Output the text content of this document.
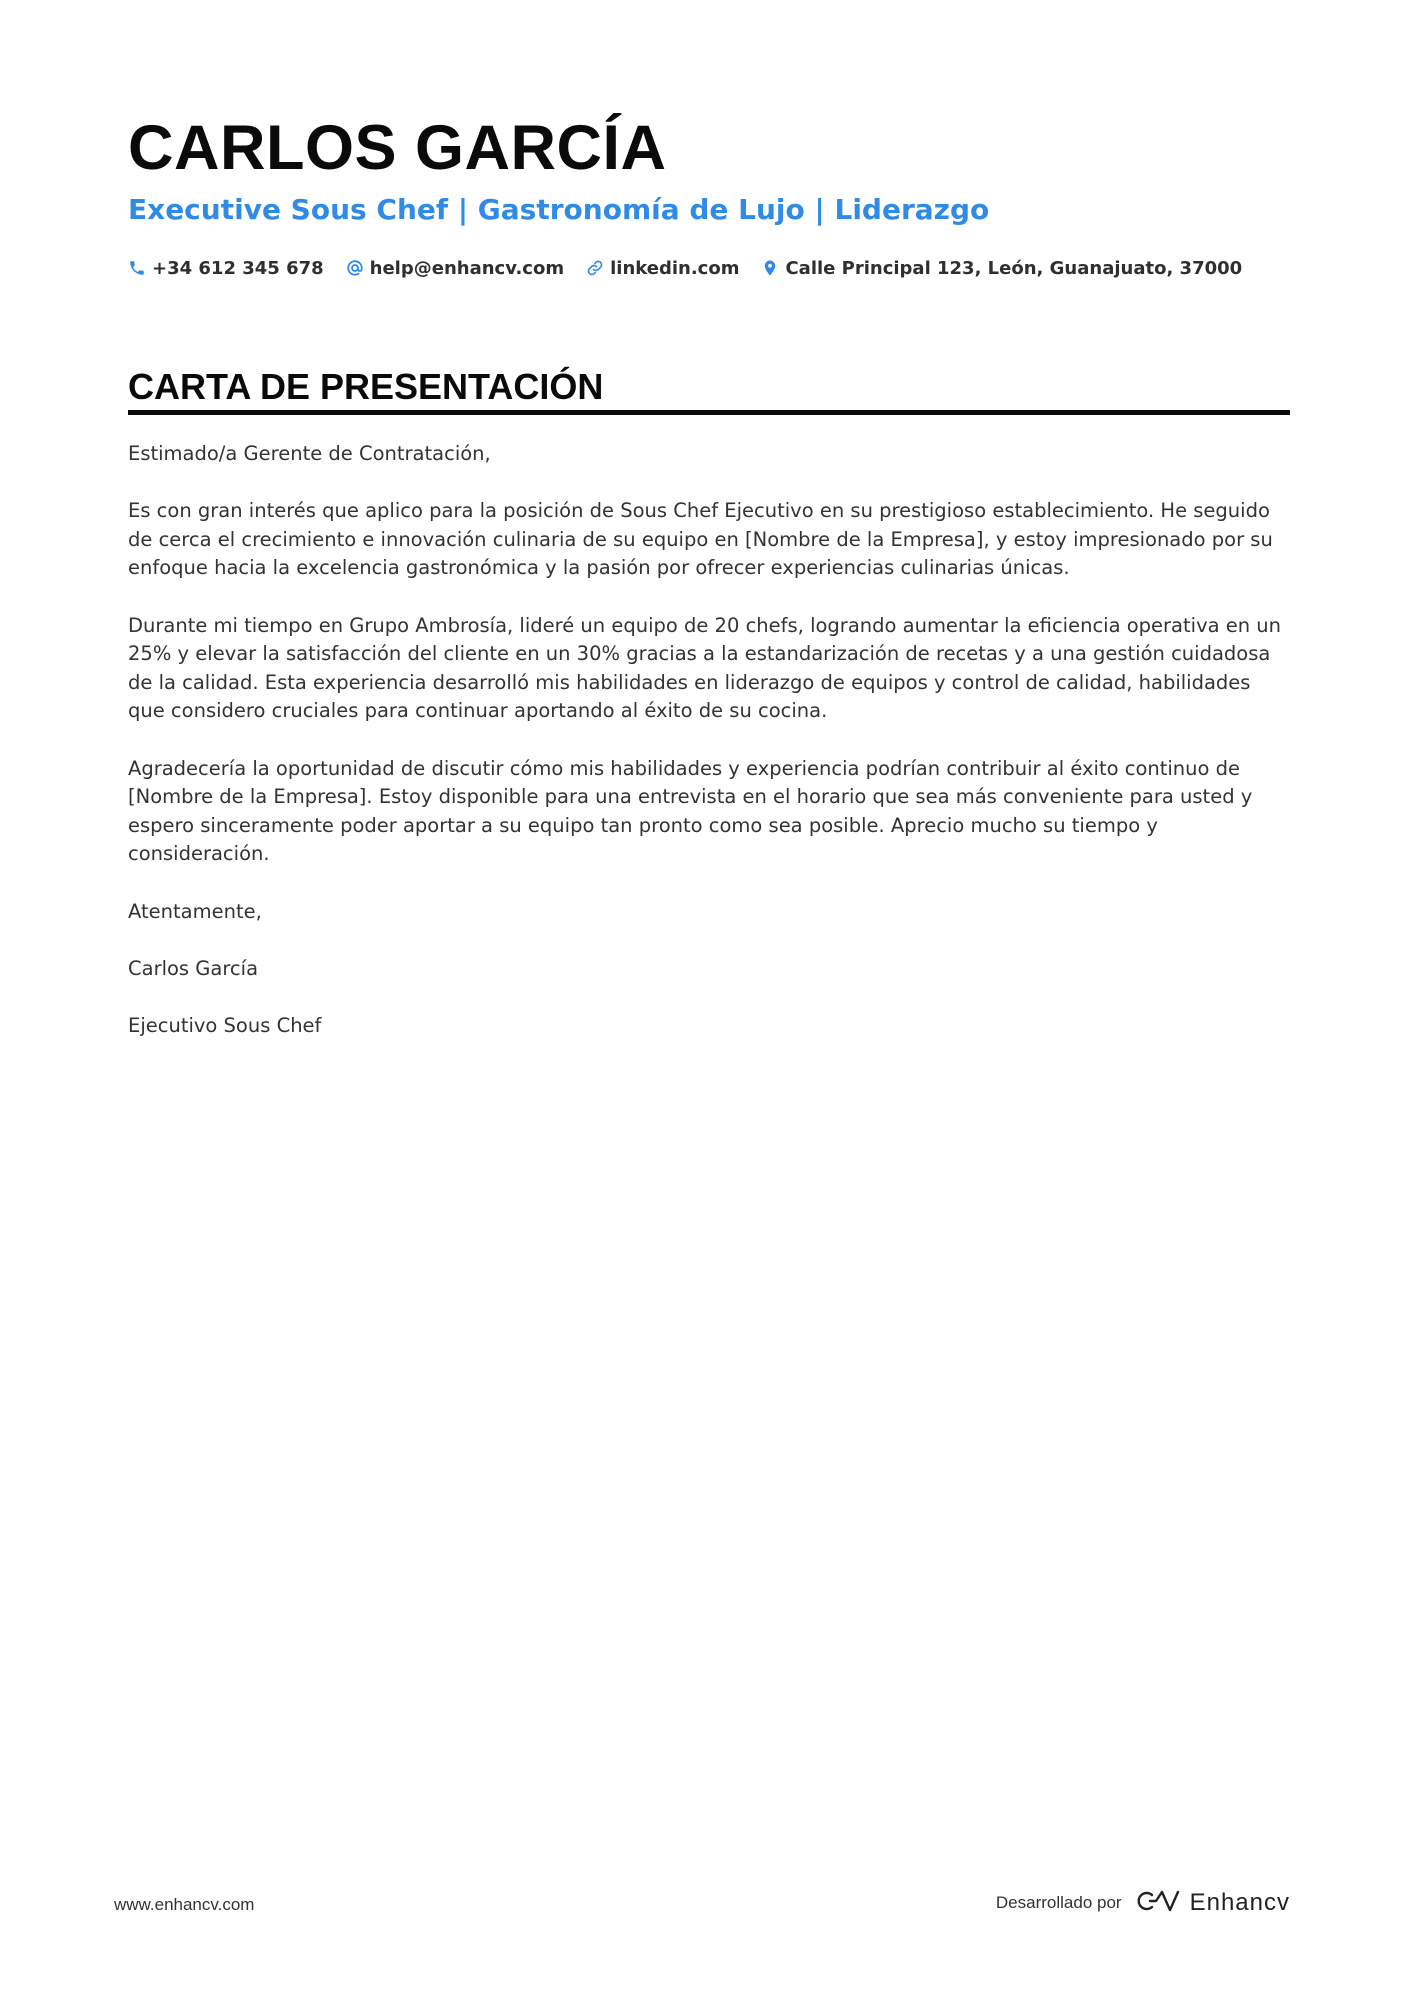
CARLOS GARCÍA
Executive Sous Chef | Gastronomía de Lujo | Liderazgo
+34 612 345 678	help@enhancv.com	linkedin.com	Calle Principal 123, León, Guanajuato, 37000
CARTA DE PRESENTACIÓN

Estimado/a Gerente de Contratación,

Es con gran interés que aplico para la posición de Sous Chef Ejecutivo en su prestigioso establecimiento. He seguido de cerca el crecimiento e innovación culinaria de su equipo en [Nombre de la Empresa], y estoy impresionado por su enfoque hacia la excelencia gastronómica y la pasión por ofrecer experiencias culinarias únicas.

Durante mi tiempo en Grupo Ambrosía, lideré un equipo de 20 chefs, logrando aumentar la eficiencia operativa en un 25% y elevar la satisfacción del cliente en un 30% gracias a la estandarización de recetas y a una gestión cuidadosa de la calidad. Esta experiencia desarrolló mis habilidades en liderazgo de equipos y control de calidad, habilidades que considero cruciales para continuar aportando al éxito de su cocina.

Agradecería la oportunidad de discutir cómo mis habilidades y experiencia podrían contribuir al éxito continuo de [Nombre de la Empresa]. Estoy disponible para una entrevista en el horario que sea más conveniente para usted y espero sinceramente poder aportar a su equipo tan pronto como sea posible. Aprecio mucho su tiempo y consideración.

Atentamente,

Carlos García

Ejecutivo Sous Chef

www.enhancv.com	Desarrollado por	Enhancv
